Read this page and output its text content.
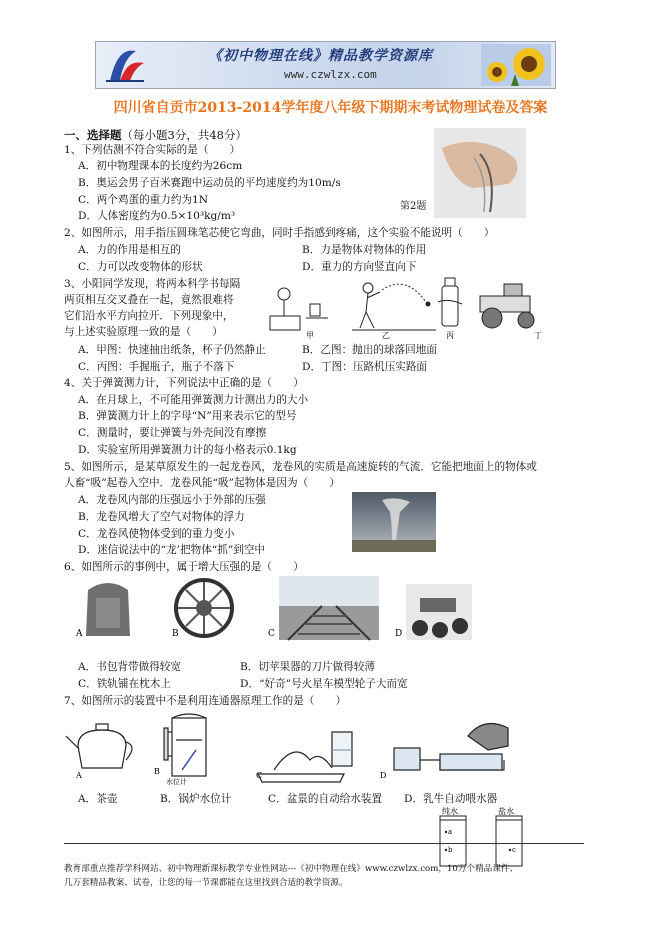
《初中物理在线》精品教学资源库
www.czwlzx.com
四川省自贡市2013-2014学年度八年级下期期末考试物理试卷及答案
一、选择题（每小题3分，共48分）
1、下列估测不符合实际的是（　　）
A．初中物理课本的长度约为26cm
B．奥运会男子百米赛跑中运动员的平均速度约为10m/s
C．两个鸡蛋的重力约为1N
D．人体密度约为0.5×10³kg/m³
第2题
2、如图所示，用手指压圆珠笔芯使它弯曲，同时手指感到疼痛，这个实验不能说明（　　）
A．力的作用是相互的	B．力是物体对物体的作用
C．力可以改变物体的形状	D．重力的方向竖直向下
3、小阳同学发现，将两本科学书每隔
两页相互交叉叠在一起，竟然很难将
它们沿水平方向拉开．下列现象中，
与上述实验原理一致的是（　　）	甲	乙	丙	丁
A．甲图：快速抽出纸条，杯子仍然静止	B．乙图：抛出的球落回地面
C．丙图：手握瓶子，瓶子不落下	D．丁图：压路机压实路面
4、关于弹簧测力计，下列说法中正确的是（　　）
A．在月球上，不可能用弹簧测力计测出力的大小
B．弹簧测力计上的字母“N”用来表示它的型号
C．测量时，要让弹簧与外壳间没有摩擦
D．实验室所用弹簧测力计的每小格表示0.1kg
5、如图所示，是某草原发生的一起龙卷风，龙卷风的实质是高速旋转的气流．它能把地面上的物体或
人畜“吸”起卷入空中．龙卷风能“吸”起物体是因为（　　）
A．龙卷风内部的压强远小于外部的压强
B．龙卷风增大了空气对物体的浮力
C．龙卷风使物体受到的重力变小
D．迷信说法中的“龙’把物体“抓”到空中
6、如图所示的事例中，属于增大压强的是（　　）
A	B	C	D
A．书包背带做得较宽	B．切苹果器的刀片做得较薄
C．铁轨铺在枕木上	D．“好奇”号火星车模型轮子大而宽
7、如图所示的装置中不是利用连通器原理工作的是（　　）
A	B
水位计
C	D
A．茶壶	B．锅炉水位计	C．盆景的自动给水装置 D．乳牛自动喂水器
纯水	盐水
a
b	c
教育部重点推荐学科网站、初中物理新课标教学专业性网站---《初中物理在线》www.czwlzx.com，10万个精品课件、
几万套精品教案、试卷，让您的每一节课都能在这里找到合适的教学资源。
